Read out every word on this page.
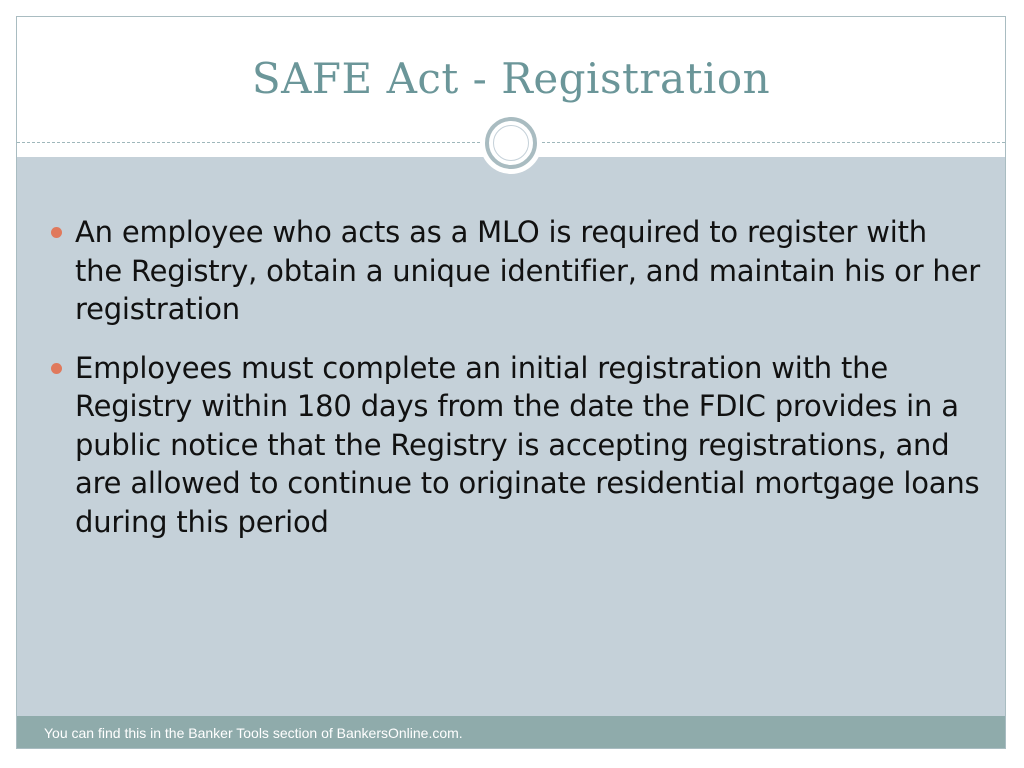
SAFE Act - Registration
An employee who acts as a MLO is required to register with the Registry, obtain a unique identifier, and maintain his or her registration
Employees must complete an initial registration with the Registry within 180 days from the date the FDIC provides in a public notice that the Registry is accepting registrations, and are allowed to continue to originate residential mortgage loans during this period
You can find this in the Banker Tools section of BankersOnline.com.
